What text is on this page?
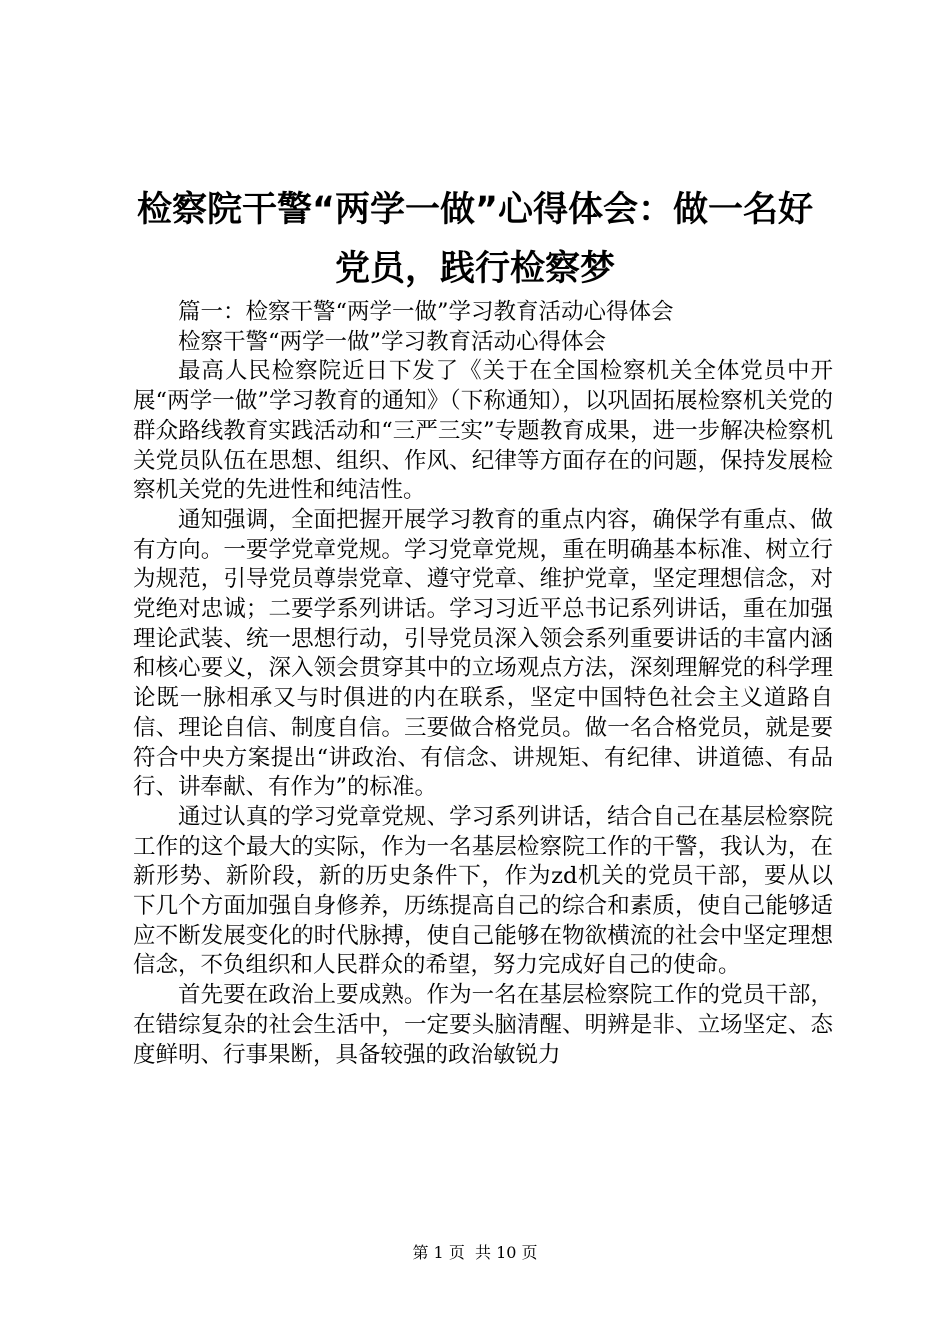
检察院干警“两学一做”心得体会：做一名好
党员，践行检察梦

篇一：检察干警“两学一做”学习教育活动心得体会

检察干警“两学一做”学习教育活动心得体会

最高人民检察院近日下发了《关于在全国检察机关全体党员中开展“两学一做”学习教育的通知》（下称通知），以巩固拓展检察机关党的群众路线教育实践活动和“三严三实”专题教育成果，进一步解决检察机关党员队伍在思想、组织、作风、纪律等方面存在的问题，保持发展检察机关党的先进性和纯洁性。

通知强调，全面把握开展学习教育的重点内容，确保学有重点、做有方向。一要学党章党规。学习党章党规，重在明确基本标准、树立行为规范，引导党员尊崇党章、遵守党章、维护党章，坚定理想信念，对党绝对忠诚；二要学系列讲话。学习习近平总书记系列讲话，重在加强理论武装、统一思想行动，引导党员深入领会系列重要讲话的丰富内涵和核心要义，深入领会贯穿其中的立场观点方法，深刻理解党的科学理论既一脉相承又与时俱进的内在联系，坚定中国特色社会主义道路自信、理论自信、制度自信。三要做合格党员。做一名合格党员，就是要符合中央方案提出“讲政治、有信念、讲规矩、有纪律、讲道德、有品行、讲奉献、有作为”的标准。

通过认真的学习党章党规、学习系列讲话，结合自己在基层检察院工作的这个最大的实际，作为一名基层检察院工作的干警，我认为，在新形势、新阶段，新的历史条件下，作为zd机关的党员干部，要从以下几个方面加强自身修养，历练提高自己的综合和素质，使自己能够适应不断发展变化的时代脉搏，使自己能够在物欲横流的社会中坚定理想信念，不负组织和人民群众的希望，努力完成好自己的使命。

首先要在政治上要成熟。作为一名在基层检察院工作的党员干部，在错综复杂的社会生活中，一定要头脑清醒、明辨是非、立场坚定、态度鲜明、行事果断，具备较强的政治敏锐力

第 1 页  共 10 页
